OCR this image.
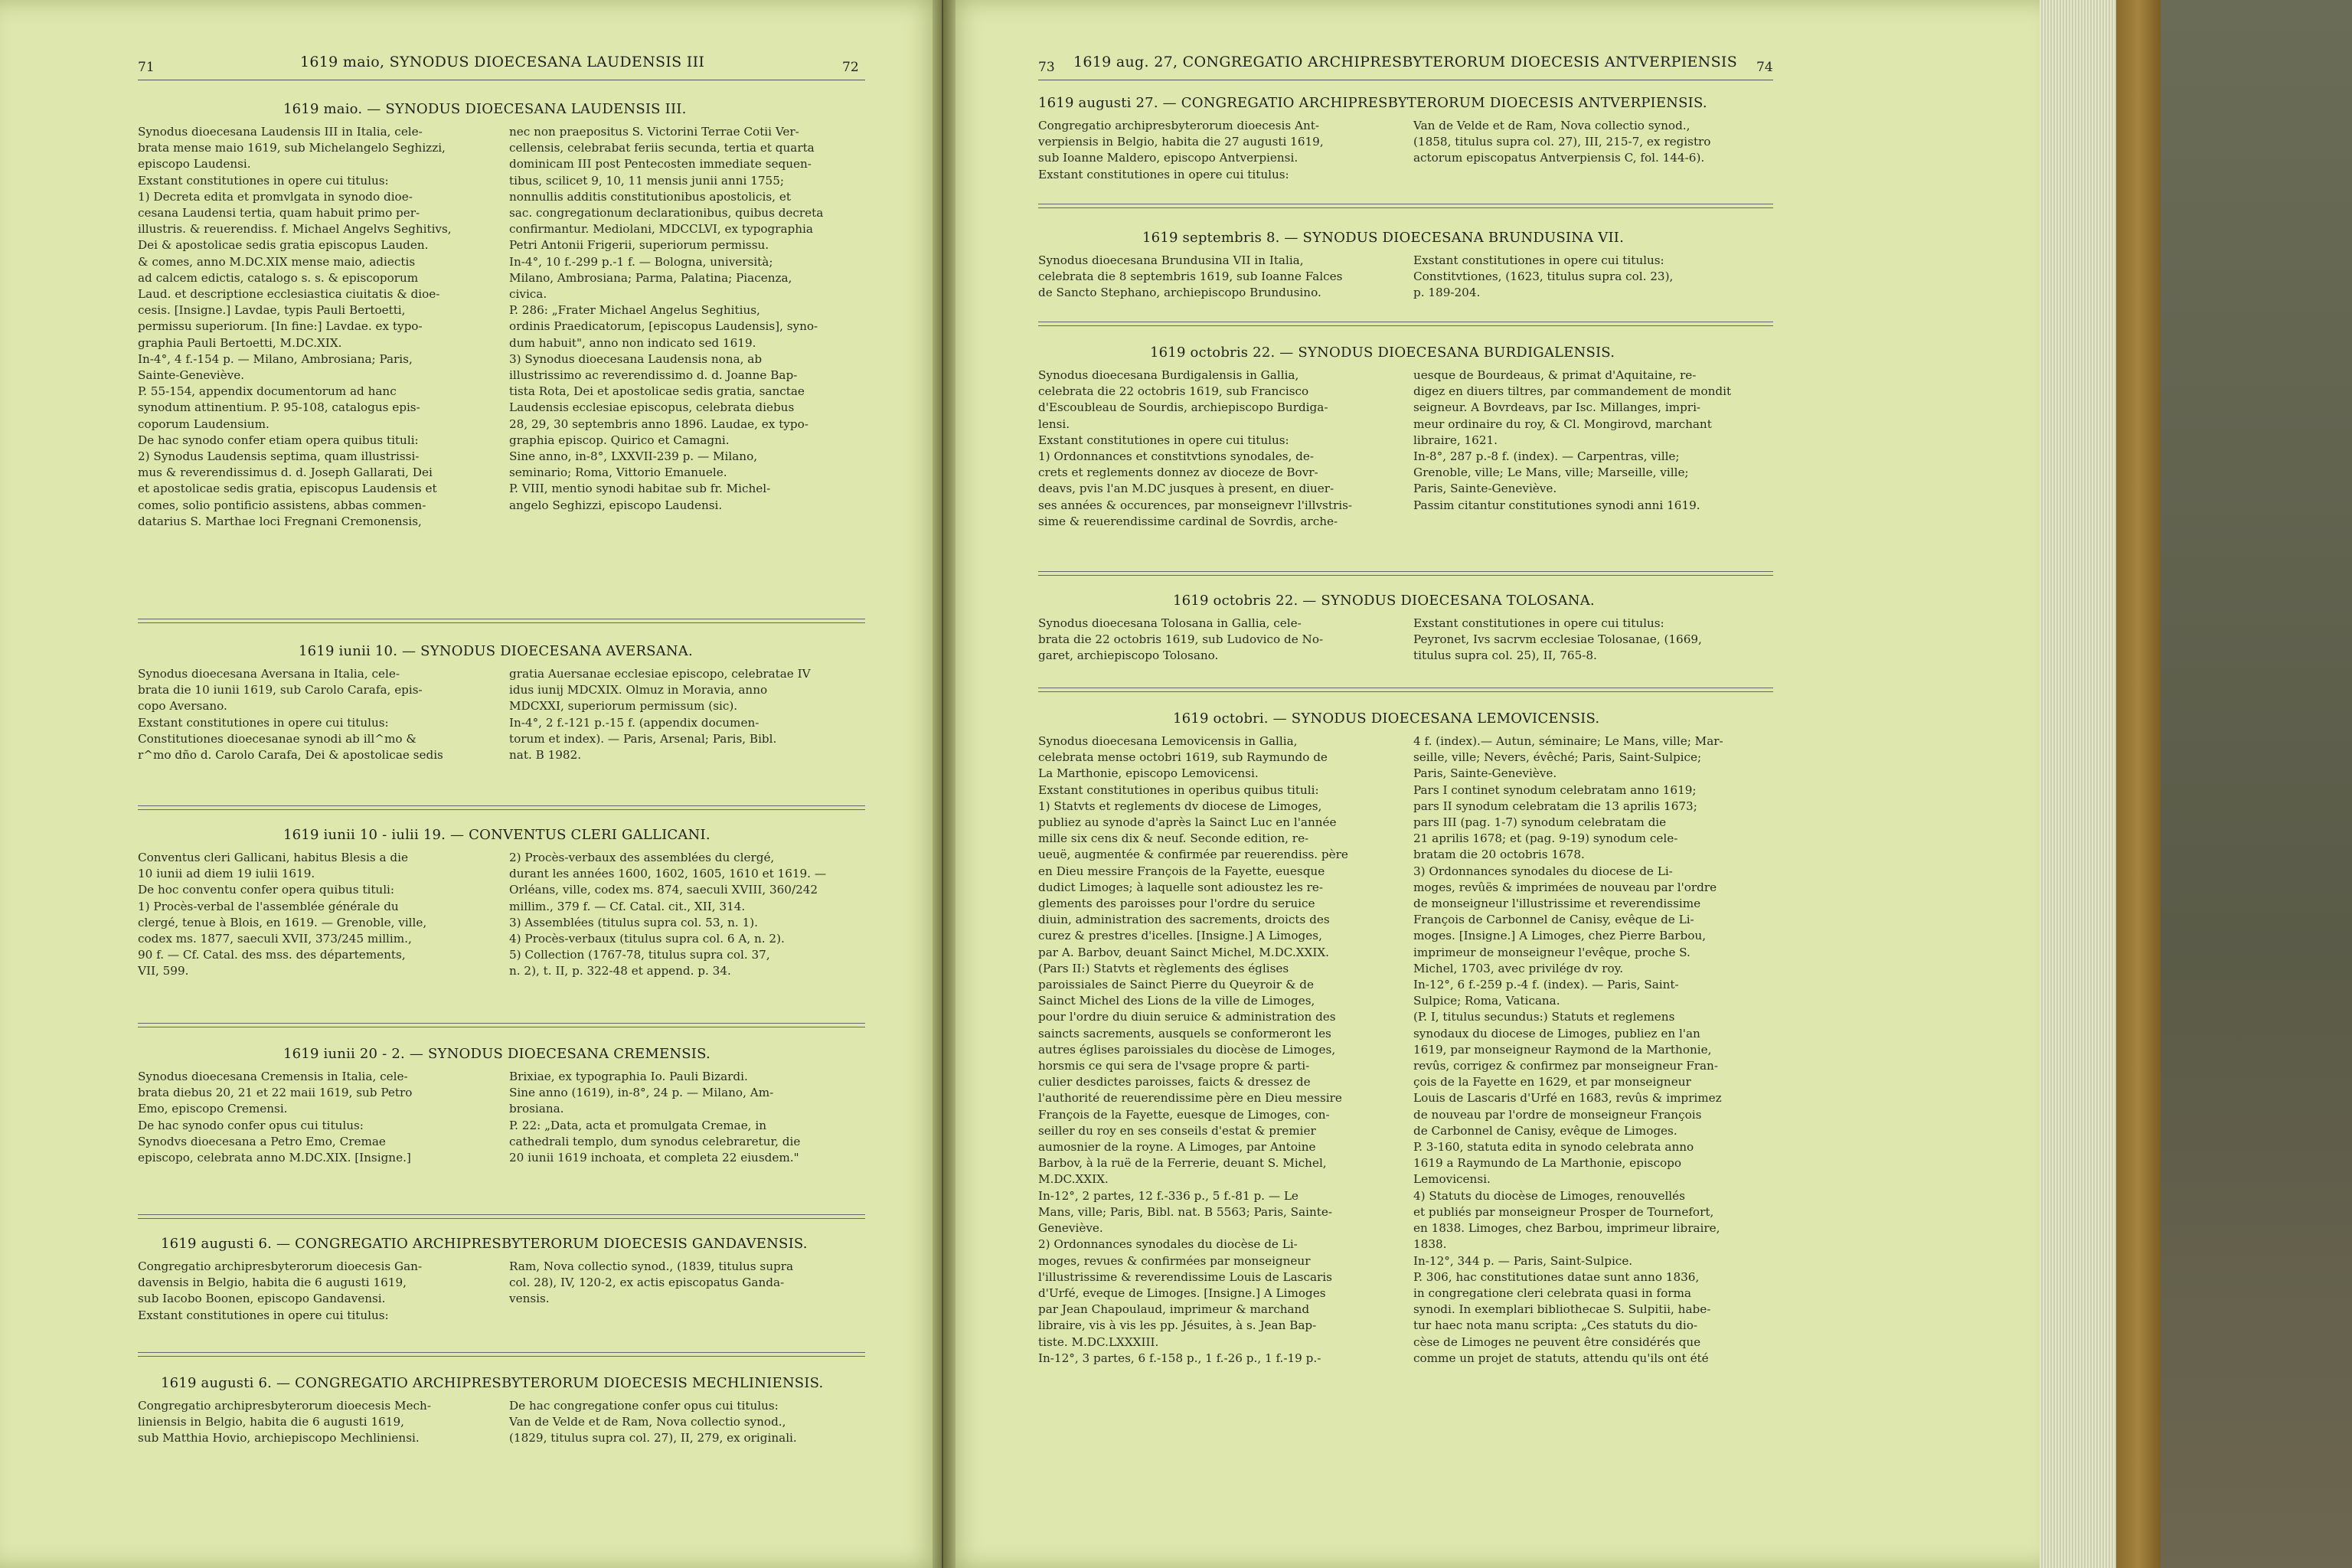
71	1619 maio, SYNODUS DIOECESANA LAUDENSIS III	72
1619 maio. — SYNODUS DIOECESANA LAUDENSIS III.
Synodus dioecesana Laudensis III in Italia, cele-
brata mense maio 1619, sub Michelangelo Seghizzi,
episcopo Laudensi.
Exstant constitutiones in opere cui titulus:
1) Decreta edita et promvlgata in synodo dioe-
cesana Laudensi tertia, quam habuit primo per-
illustris. & reuerendiss. f. Michael Angelvs Seghitivs,
Dei & apostolicae sedis gratia episcopus Lauden.
& comes, anno M.DC.XIX mense maio, adiectis
ad calcem edictis, catalogo s. s. & episcoporum
Laud. et descriptione ecclesiastica ciuitatis & dioe-
cesis. [Insigne.] Lavdae, typis Pauli Bertoetti,
permissu superiorum. [In fine:] Lavdae. ex typo-
graphia Pauli Bertoetti, M.DC.XIX.
In-4°, 4 f.-154 p. — Milano, Ambrosiana; Paris,
Sainte-Geneviève.
P. 55-154, appendix documentorum ad hanc
synodum attinentium. P. 95-108, catalogus epis-
coporum Laudensium.
De hac synodo confer etiam opera quibus tituli:
2) Synodus Laudensis septima, quam illustrissi-
mus & reverendissimus d. d. Joseph Gallarati, Dei
et apostolicae sedis gratia, episcopus Laudensis et
comes, solio pontificio assistens, abbas commen-
datarius S. Marthae loci Fregnani Cremonensis,
nec non praepositus S. Victorini Terrae Cotii Ver-
cellensis, celebrabat feriis secunda, tertia et quarta
dominicam III post Pentecosten immediate sequen-
tibus, scilicet 9, 10, 11 mensis junii anni 1755;
nonnullis additis constitutionibus apostolicis, et
sac. congregationum declarationibus, quibus decreta
confirmantur. Mediolani, MDCCLVI, ex typographia
Petri Antonii Frigerii, superiorum permissu.
In-4°, 10 f.-299 p.-1 f. — Bologna, università;
Milano, Ambrosiana; Parma, Palatina; Piacenza,
civica.
P. 286: „Frater Michael Angelus Seghitius,
ordinis Praedicatorum, [episcopus Laudensis], syno-
dum habuit", anno non indicato sed 1619.
3) Synodus dioecesana Laudensis nona, ab
illustrissimo ac reverendissimo d. d. Joanne Bap-
tista Rota, Dei et apostolicae sedis gratia, sanctae
Laudensis ecclesiae episcopus, celebrata diebus
28, 29, 30 septembris anno 1896. Laudae, ex typo-
graphia episcop. Quirico et Camagni.
Sine anno, in-8°, LXXVII-239 p. — Milano,
seminario; Roma, Vittorio Emanuele.
P. VIII, mentio synodi habitae sub fr. Michel-
angelo Seghizzi, episcopo Laudensi.
1619 iunii 10. — SYNODUS DIOECESANA AVERSANA.
Synodus dioecesana Aversana in Italia, cele-
brata die 10 iunii 1619, sub Carolo Carafa, epis-
copo Aversano.
Exstant constitutiones in opere cui titulus:
Constitutiones dioecesanae synodi ab ill^mo &
r^mo dño d. Carolo Carafa, Dei & apostolicae sedis
gratia Auersanae ecclesiae episcopo, celebratae IV
idus iunij MDCXIX. Olmuz in Moravia, anno
MDCXXI, superiorum permissum (sic).
In-4°, 2 f.-121 p.-15 f. (appendix documen-
torum et index). — Paris, Arsenal; Paris, Bibl.
nat. B 1982.
1619 iunii 10 - iulii 19. — CONVENTUS CLERI GALLICANI.
Conventus cleri Gallicani, habitus Blesis a die
10 iunii ad diem 19 iulii 1619.
De hoc conventu confer opera quibus tituli:
1) Procès-verbal de l'assemblée générale du
clergé, tenue à Blois, en 1619. — Grenoble, ville,
codex ms. 1877, saeculi XVII, 373/245 millim.,
90 f. — Cf. Catal. des mss. des départements,
VII, 599.
2) Procès-verbaux des assemblées du clergé,
durant les années 1600, 1602, 1605, 1610 et 1619. —
Orléans, ville, codex ms. 874, saeculi XVIII, 360/242
millim., 379 f. — Cf. Catal. cit., XII, 314.
3) Assemblées (titulus supra col. 53, n. 1).
4) Procès-verbaux (titulus supra col. 6 A, n. 2).
5) Collection (1767-78, titulus supra col. 37,
n. 2), t. II, p. 322-48 et append. p. 34.
1619 iunii 20 - 2. — SYNODUS DIOECESANA CREMENSIS.
Synodus dioecesana Cremensis in Italia, cele-
brata diebus 20, 21 et 22 maii 1619, sub Petro
Emo, episcopo Cremensi.
De hac synodo confer opus cui titulus:
Synodvs dioecesana a Petro Emo, Cremae
episcopo, celebrata anno M.DC.XIX. [Insigne.]
Brixiae, ex typographia Io. Pauli Bizardi.
Sine anno (1619), in-8°, 24 p. — Milano, Am-
brosiana.
P. 22: „Data, acta et promulgata Cremae, in
cathedrali templo, dum synodus celebraretur, die
20 iunii 1619 inchoata, et completa 22 eiusdem."
1619 augusti 6. — CONGREGATIO ARCHIPRESBYTERORUM DIOECESIS GANDAVENSIS.
Congregatio archipresbyterorum dioecesis Gan-
davensis in Belgio, habita die 6 augusti 1619,
sub Iacobo Boonen, episcopo Gandavensi.
Exstant constitutiones in opere cui titulus:
Ram, Nova collectio synod., (1839, titulus supra
col. 28), IV, 120-2, ex actis episcopatus Ganda-
vensis.
1619 augusti 6. — CONGREGATIO ARCHIPRESBYTERORUM DIOECESIS MECHLINIENSIS.
Congregatio archipresbyterorum dioecesis Mech-
liniensis in Belgio, habita die 6 augusti 1619,
sub Matthia Hovio, archiepiscopo Mechliniensi.
De hac congregatione confer opus cui titulus:
Van de Velde et de Ram, Nova collectio synod.,
(1829, titulus supra col. 27), II, 279, ex originali.
73 1619 aug. 27, CONGREGATIO ARCHIPRESBYTERORUM DIOECESIS ANTVERPIENSIS 74
1619 augusti 27. — CONGREGATIO ARCHIPRESBYTERORUM DIOECESIS ANTVERPIENSIS.
Congregatio archipresbyterorum dioecesis Ant-
verpiensis in Belgio, habita die 27 augusti 1619,
sub Ioanne Maldero, episcopo Antverpiensi.
Exstant constitutiones in opere cui titulus:
Van de Velde et de Ram, Nova collectio synod.,
(1858, titulus supra col. 27), III, 215-7, ex registro
actorum episcopatus Antverpiensis C, fol. 144-6).
1619 septembris 8. — SYNODUS DIOECESANA BRUNDUSINA VII.
Synodus dioecesana Brundusina VII in Italia,
celebrata die 8 septembris 1619, sub Ioanne Falces
de Sancto Stephano, archiepiscopo Brundusino.
Exstant constitutiones in opere cui titulus:
Constitvtiones, (1623, titulus supra col. 23),
p. 189-204.
1619 octobris 22. — SYNODUS DIOECESANA BURDIGALENSIS.
Synodus dioecesana Burdigalensis in Gallia,
celebrata die 22 octobris 1619, sub Francisco
d'Escoubleau de Sourdis, archiepiscopo Burdiga-
lensi.
Exstant constitutiones in opere cui titulus:
1) Ordonnances et constitvtions synodales, de-
crets et reglements donnez av dioceze de Bovr-
deavs, pvis l'an M.DC jusques à present, en diuer-
ses années & occurences, par monseignevr l'illvstris-
sime & reuerendissime cardinal de Sovrdis, arche-
uesque de Bourdeaus, & primat d'Aquitaine, re-
digez en diuers tiltres, par commandement de mondit
seigneur. A Bovrdeavs, par Isc. Millanges, impri-
meur ordinaire du roy, & Cl. Mongirovd, marchant
libraire, 1621.
In-8°, 287 p.-8 f. (index). — Carpentras, ville;
Grenoble, ville; Le Mans, ville; Marseille, ville;
Paris, Sainte-Geneviève.
Passim citantur constitutiones synodi anni 1619.
1619 octobris 22. — SYNODUS DIOECESANA TOLOSANA.
Synodus dioecesana Tolosana in Gallia, cele-
brata die 22 octobris 1619, sub Ludovico de No-
garet, archiepiscopo Tolosano.
Exstant constitutiones in opere cui titulus:
Peyronet, Ivs sacrvm ecclesiae Tolosanae, (1669,
titulus supra col. 25), II, 765-8.
1619 octobri. — SYNODUS DIOECESANA LEMOVICENSIS.
Synodus dioecesana Lemovicensis in Gallia,
celebrata mense octobri 1619, sub Raymundo de
La Marthonie, episcopo Lemovicensi.
Exstant constitutiones in operibus quibus tituli:
1) Statvts et reglements dv diocese de Limoges,
publiez au synode d'après la Sainct Luc en l'année
mille six cens dix & neuf. Seconde edition, re-
ueuë, augmentée & confirmée par reuerendiss. père
en Dieu messire François de la Fayette, euesque
dudict Limoges; à laquelle sont adioustez les re-
glements des paroisses pour l'ordre du seruice
diuin, administration des sacrements, droicts des
curez & prestres d'icelles. [Insigne.] A Limoges,
par A. Barbov, deuant Sainct Michel, M.DC.XXIX.
(Pars II:) Statvts et règlements des églises
paroissiales de Sainct Pierre du Queyroir & de
Sainct Michel des Lions de la ville de Limoges,
pour l'ordre du diuin seruice & administration des
saincts sacrements, ausquels se conformeront les
autres églises paroissiales du diocèse de Limoges,
horsmis ce qui sera de l'vsage propre & parti-
culier desdictes paroisses, faicts & dressez de
l'authorité de reuerendissime père en Dieu messire
François de la Fayette, euesque de Limoges, con-
seiller du roy en ses conseils d'estat & premier
aumosnier de la royne. A Limoges, par Antoine
Barbov, à la ruë de la Ferrerie, deuant S. Michel,
M.DC.XXIX.
In-12°, 2 partes, 12 f.-336 p., 5 f.-81 p. — Le
Mans, ville; Paris, Bibl. nat. B 5563; Paris, Sainte-
Geneviève.
2) Ordonnances synodales du diocèse de Li-
moges, revues & confirmées par monseigneur
l'illustrissime & reverendissime Louis de Lascaris
d'Urfé, eveque de Limoges. [Insigne.] A Limoges
par Jean Chapoulaud, imprimeur & marchand
libraire, vis à vis les pp. Jésuites, à s. Jean Bap-
tiste. M.DC.LXXXIII.
In-12°, 3 partes, 6 f.-158 p., 1 f.-26 p., 1 f.-19 p.-
4 f. (index).— Autun, séminaire; Le Mans, ville; Mar-
seille, ville; Nevers, évêché; Paris, Saint-Sulpice;
Paris, Sainte-Geneviève.
Pars I continet synodum celebratam anno 1619;
pars II synodum celebratam die 13 aprilis 1673;
pars III (pag. 1-7) synodum celebratam die
21 aprilis 1678; et (pag. 9-19) synodum cele-
bratam die 20 octobris 1678.
3) Ordonnances synodales du diocese de Li-
moges, revûës & imprimées de nouveau par l'ordre
de monseigneur l'illustrissime et reverendissime
François de Carbonnel de Canisy, evêque de Li-
moges. [Insigne.] A Limoges, chez Pierre Barbou,
imprimeur de monseigneur l'evêque, proche S.
Michel, 1703, avec privilége dv roy.
In-12°, 6 f.-259 p.-4 f. (index). — Paris, Saint-
Sulpice; Roma, Vaticana.
(P. I, titulus secundus:) Statuts et reglemens
synodaux du diocese de Limoges, publiez en l'an
1619, par monseigneur Raymond de la Marthonie,
revûs, corrigez & confirmez par monseigneur Fran-
çois de la Fayette en 1629, et par monseigneur
Louis de Lascaris d'Urfé en 1683, revûs & imprimez
de nouveau par l'ordre de monseigneur François
de Carbonnel de Canisy, evêque de Limoges.
P. 3-160, statuta edita in synodo celebrata anno
1619 a Raymundo de La Marthonie, episcopo
Lemovicensi.
4) Statuts du diocèse de Limoges, renouvellés
et publiés par monseigneur Prosper de Tournefort,
en 1838. Limoges, chez Barbou, imprimeur libraire,
1838.
In-12°, 344 p. — Paris, Saint-Sulpice.
P. 306, hac constitutiones datae sunt anno 1836,
in congregatione cleri celebrata quasi in forma
synodi. In exemplari bibliothecae S. Sulpitii, habe-
tur haec nota manu scripta: „Ces statuts du dio-
cèse de Limoges ne peuvent être considérés que
comme un projet de statuts, attendu qu'ils ont été
